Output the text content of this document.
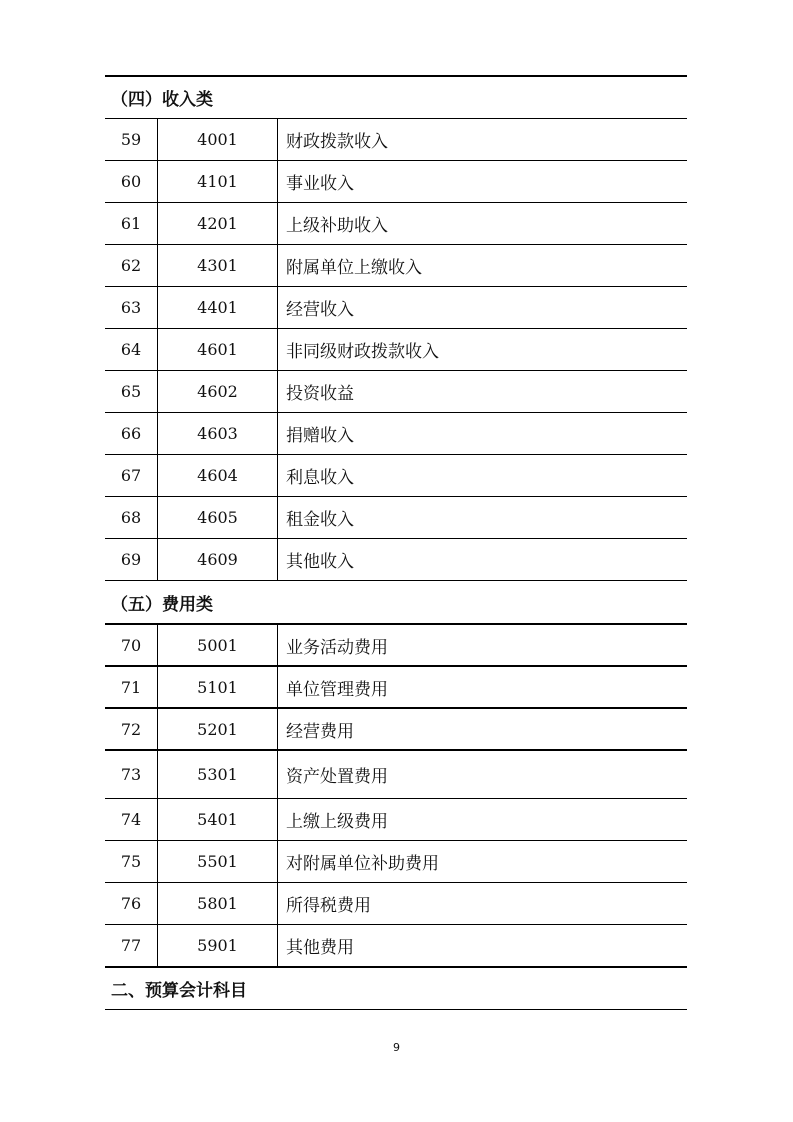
（四）收入类
59	4001	财政拨款收入
60	4101	事业收入
61	4201	上级补助收入
62	4301	附属单位上缴收入
63	4401	经营收入
64	4601	非同级财政拨款收入
65	4602	投资收益
66	4603	捐赠收入
67	4604	利息收入
68	4605	租金收入
69	4609	其他收入
（五）费用类
70	5001	业务活动费用
71	5101	单位管理费用
72	5201	经营费用
73	5301	资产处置费用
74	5401	上缴上级费用
75	5501	对附属单位补助费用
76	5801	所得税费用
77	5901	其他费用
二、预算会计科目
9
